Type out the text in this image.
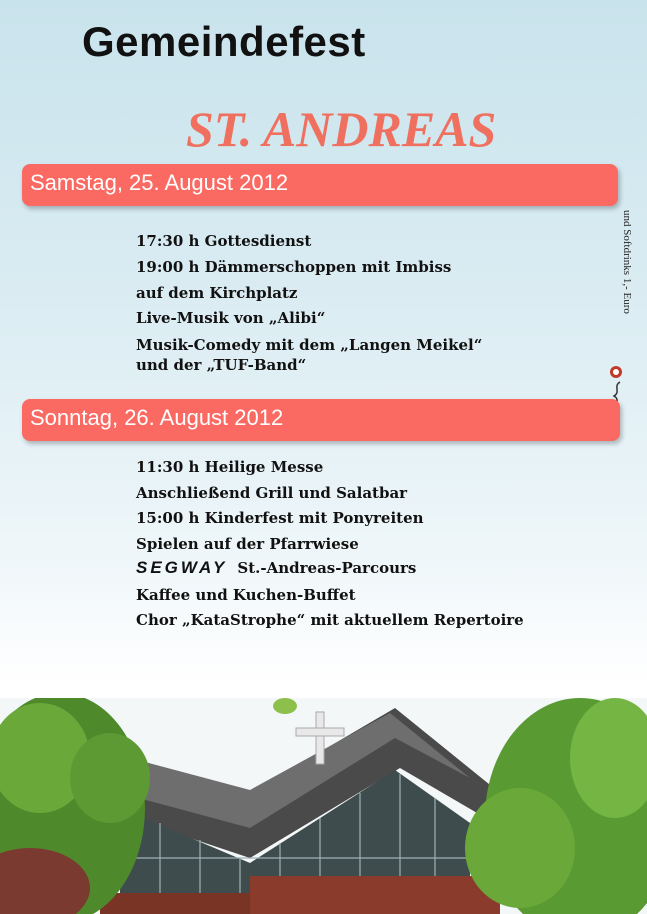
Gemeindefest
ST. ANDREAS
Samstag, 25. August 2012
17:30 h Gottesdienst
19:00 h Dämmerschoppen mit Imbiss
auf dem Kirchplatz
Live-Musik von „Alibi“
Musik-Comedy mit dem „Langen Meikel“
und der „TUF-Band“
und Softdrinks 1,- Euro
Sonntag, 26. August 2012
11:30 h Heilige Messe
Anschließend Grill und Salatbar
15:00 h Kinderfest mit Ponyreiten
Spielen auf der Pfarrwiese
SEGWAY St.-Andreas-Parcours
Kaffee und Kuchen-Buffet
Chor „KataStrophe“ mit aktuellem Repertoire
